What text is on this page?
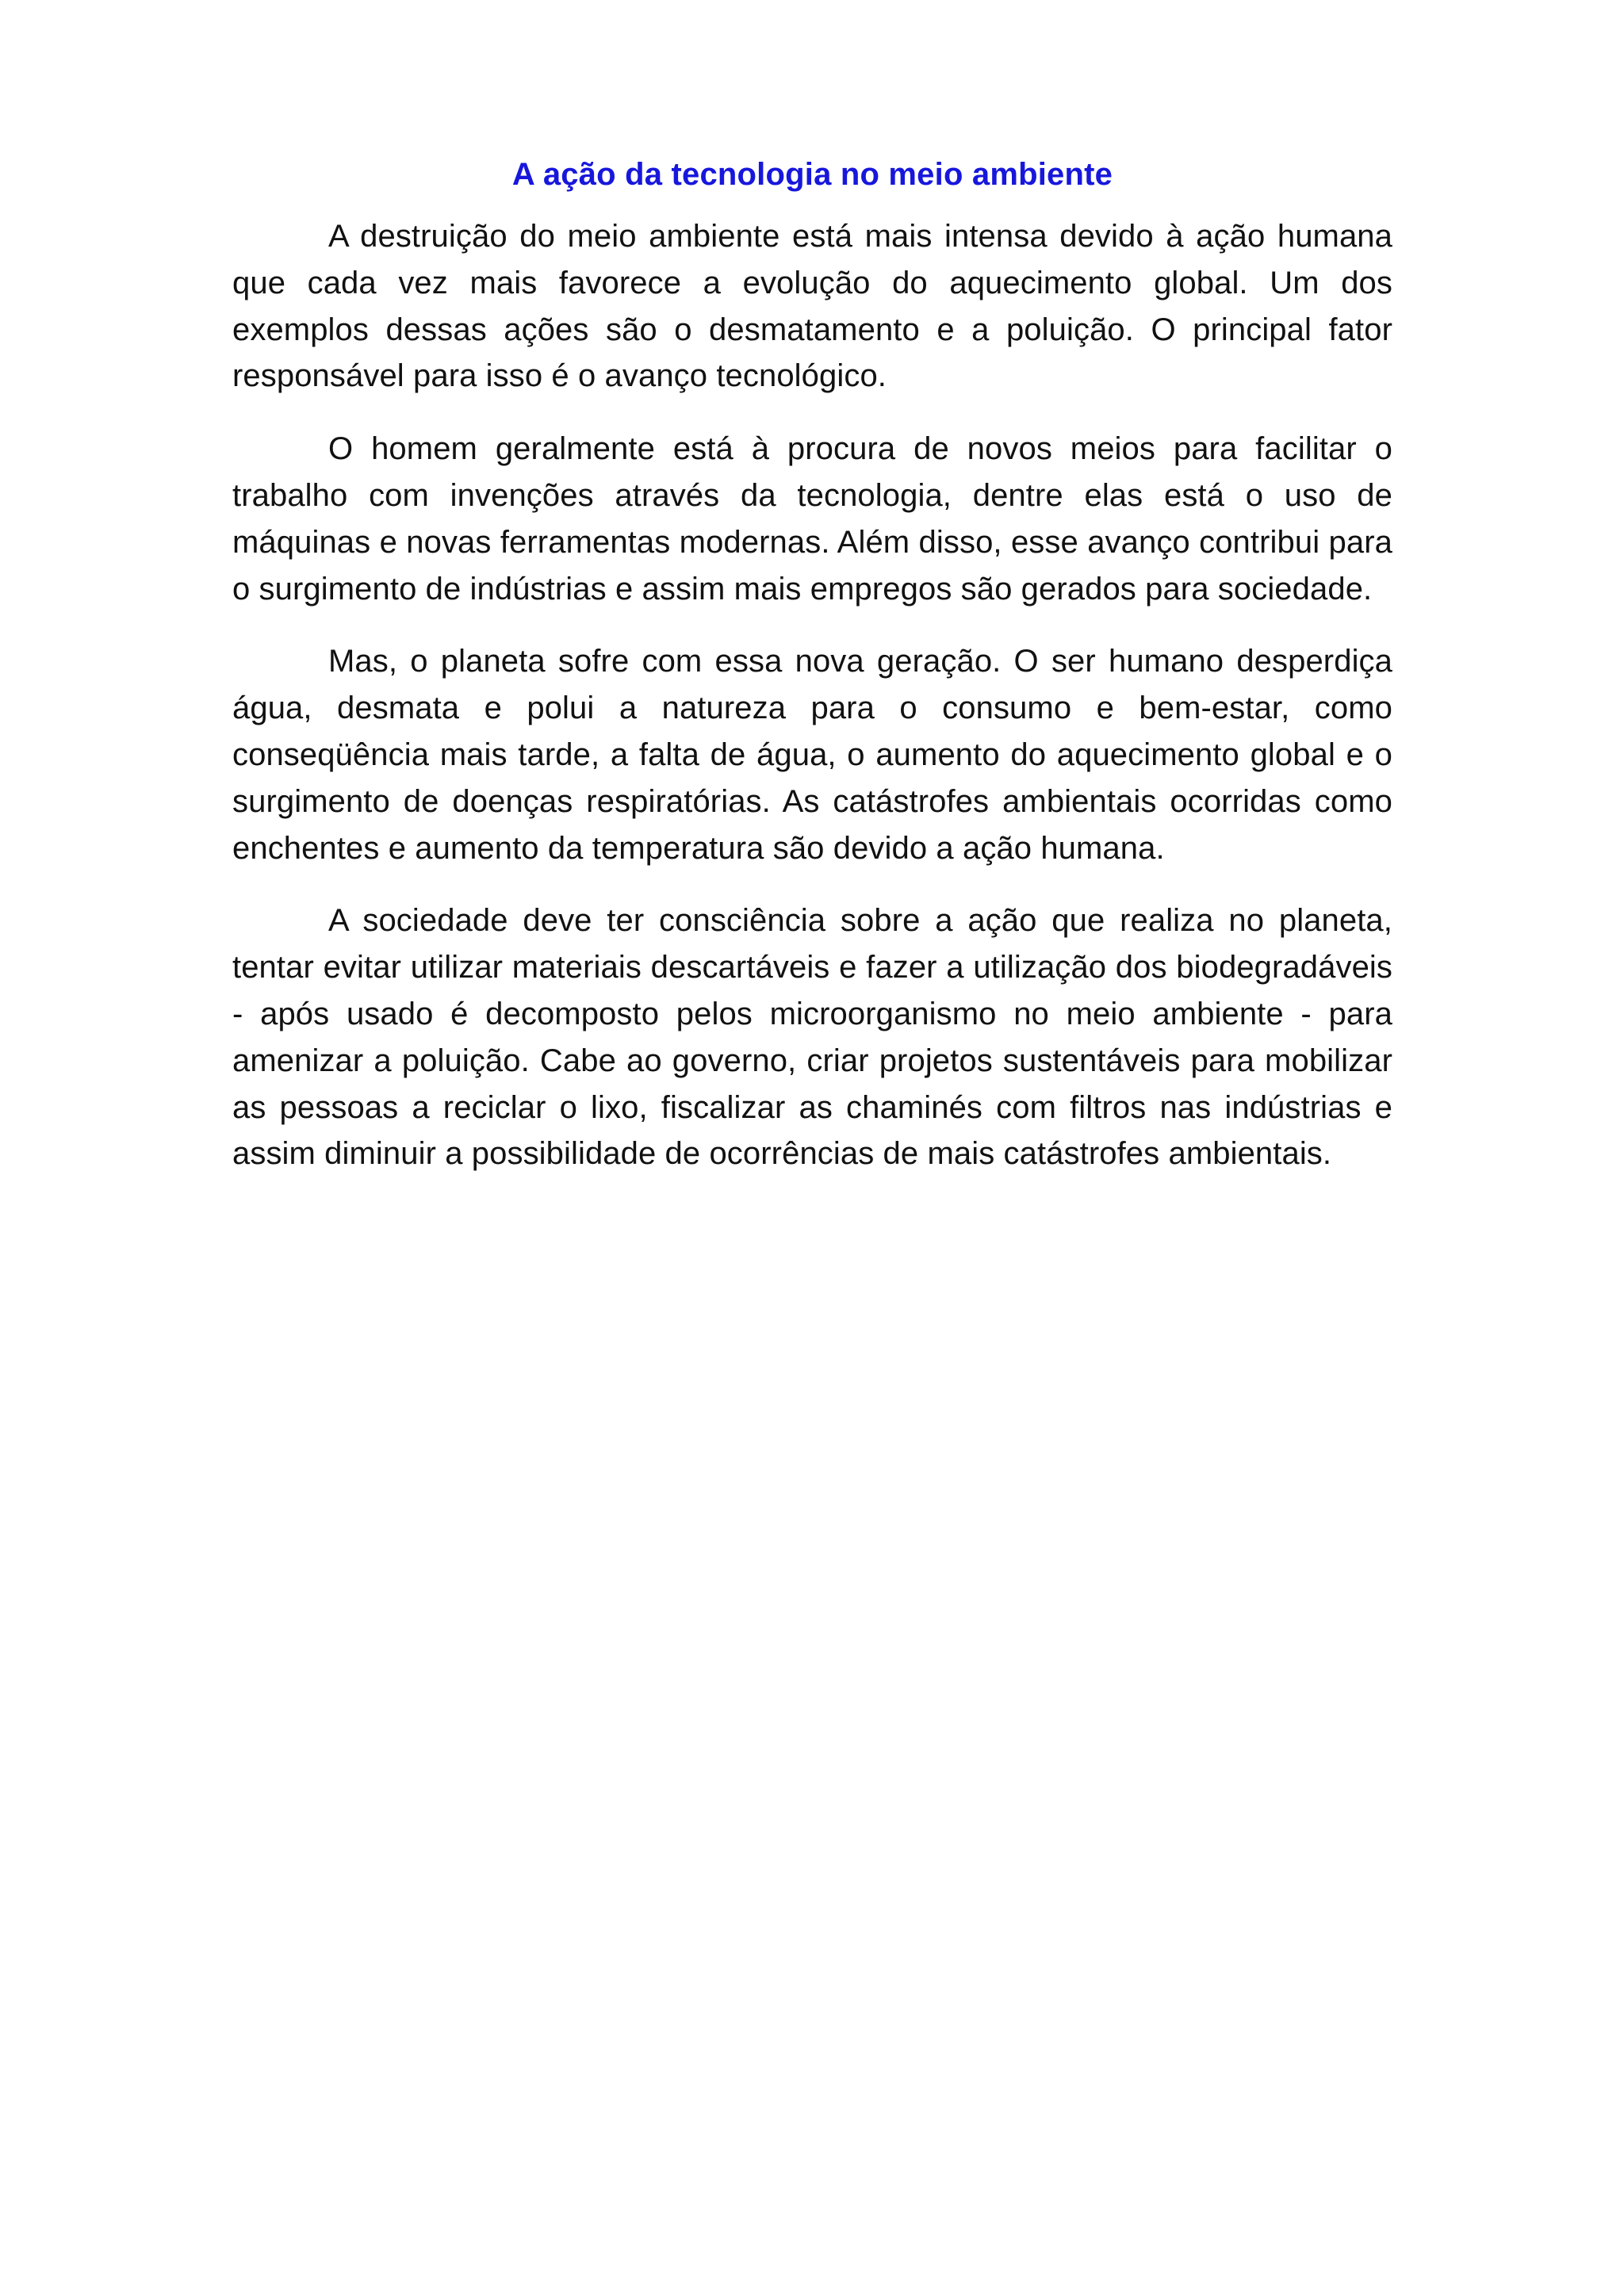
A ação da tecnologia no meio ambiente

A destruição do meio ambiente está mais intensa devido à ação humana que cada vez mais favorece a evolução do aquecimento global. Um dos exemplos dessas ações são o desmatamento e a poluição. O principal fator responsável para isso é o avanço tecnológico.

O homem geralmente está à procura de novos meios para facilitar o trabalho com invenções através da tecnologia, dentre elas está o uso de máquinas e novas ferramentas modernas. Além disso, esse avanço contribui para o surgimento de indústrias e assim mais empregos são gerados para sociedade.

Mas, o planeta sofre com essa nova geração. O ser humano desperdiça água, desmata e polui a natureza para o consumo e bem-estar, como conseqüência mais tarde, a falta de água, o aumento do aquecimento global e o surgimento de doenças respiratórias. As catástrofes ambientais ocorridas como enchentes e aumento da temperatura são devido a ação humana.

A sociedade deve ter consciência sobre a ação que realiza no planeta, tentar evitar utilizar materiais descartáveis e fazer a utilização dos biodegradáveis - após usado é decomposto pelos microorganismo no meio ambiente - para amenizar a poluição. Cabe ao governo, criar projetos sustentáveis para mobilizar as pessoas a reciclar o lixo, fiscalizar as chaminés com filtros nas indústrias e assim diminuir a possibilidade de ocorrências de mais catástrofes ambientais.
